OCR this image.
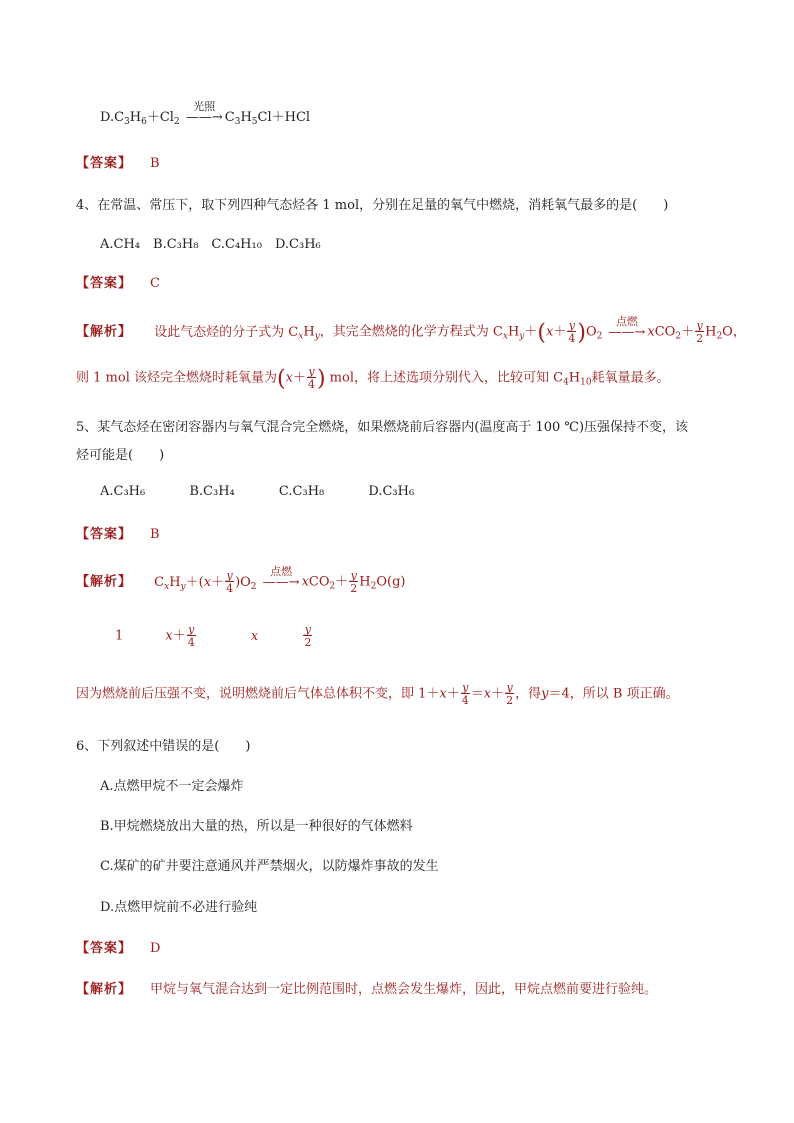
$D.C_3H_6+Cl_2$
光照
——→ $C_3H_5Cl+HCl$
【答案】 B
4、在常温、常压下，取下列四种气态烃各 1 mol，分别在足量的氧气中燃烧，消耗氧气最多的是(　　)
A.CH₄　B.C₃H₈　C.C₄H₁₀　D.C₃H₆
【答案】 C
【解析】 设此气态烃的分子式为 $C_xH_y$，其完全燃烧的化学方程式为 $C_xH_y+(x+ \frac{y}{4} )O_2$
点燃
——→ $xCO_2+ \frac{y}{2} H_2O$，
则 1 mol 该烃完全燃烧时耗氧量为($x+ \frac{y}{4}$ ) mol，将上述选项分别代入，比较可知 $C_4H_{10}$耗氧量最多。
5、某气态烃在密闭容器内与氧气混合完全燃烧，如果燃烧前后容器内(温度高于 100 ℃)压强保持不变，该
烃可能是(　　)
A.C₃H₆	B.C₃H₄	C.C₃H₈	D.C₃H₆
【答案】 B
【解析】 $C_xH_y+(x+ \frac{y}{4} )O_2$
点燃
——→ $xCO_2+ \frac{y}{2} H_2O(g)$
1	$x+ \frac{y}{4}$	x	$\frac{y}{2}$
因为燃烧前后压强不变，说明燃烧前后气体总体积不变，即 $1+x+ \frac{y}{4} =x+ \frac{y}{2}$ ，得y＝4，所以 B 项正确。
6、下列叙述中错误的是(　　)
A.点燃甲烷不一定会爆炸
B.甲烷燃烧放出大量的热，所以是一种很好的气体燃料
C.煤矿的矿井要注意通风并严禁烟火，以防爆炸事故的发生
D.点燃甲烷前不必进行验纯
【答案】 D
【解析】 甲烷与氧气混合达到一定比例范围时，点燃会发生爆炸，因此，甲烷点燃前要进行验纯。
